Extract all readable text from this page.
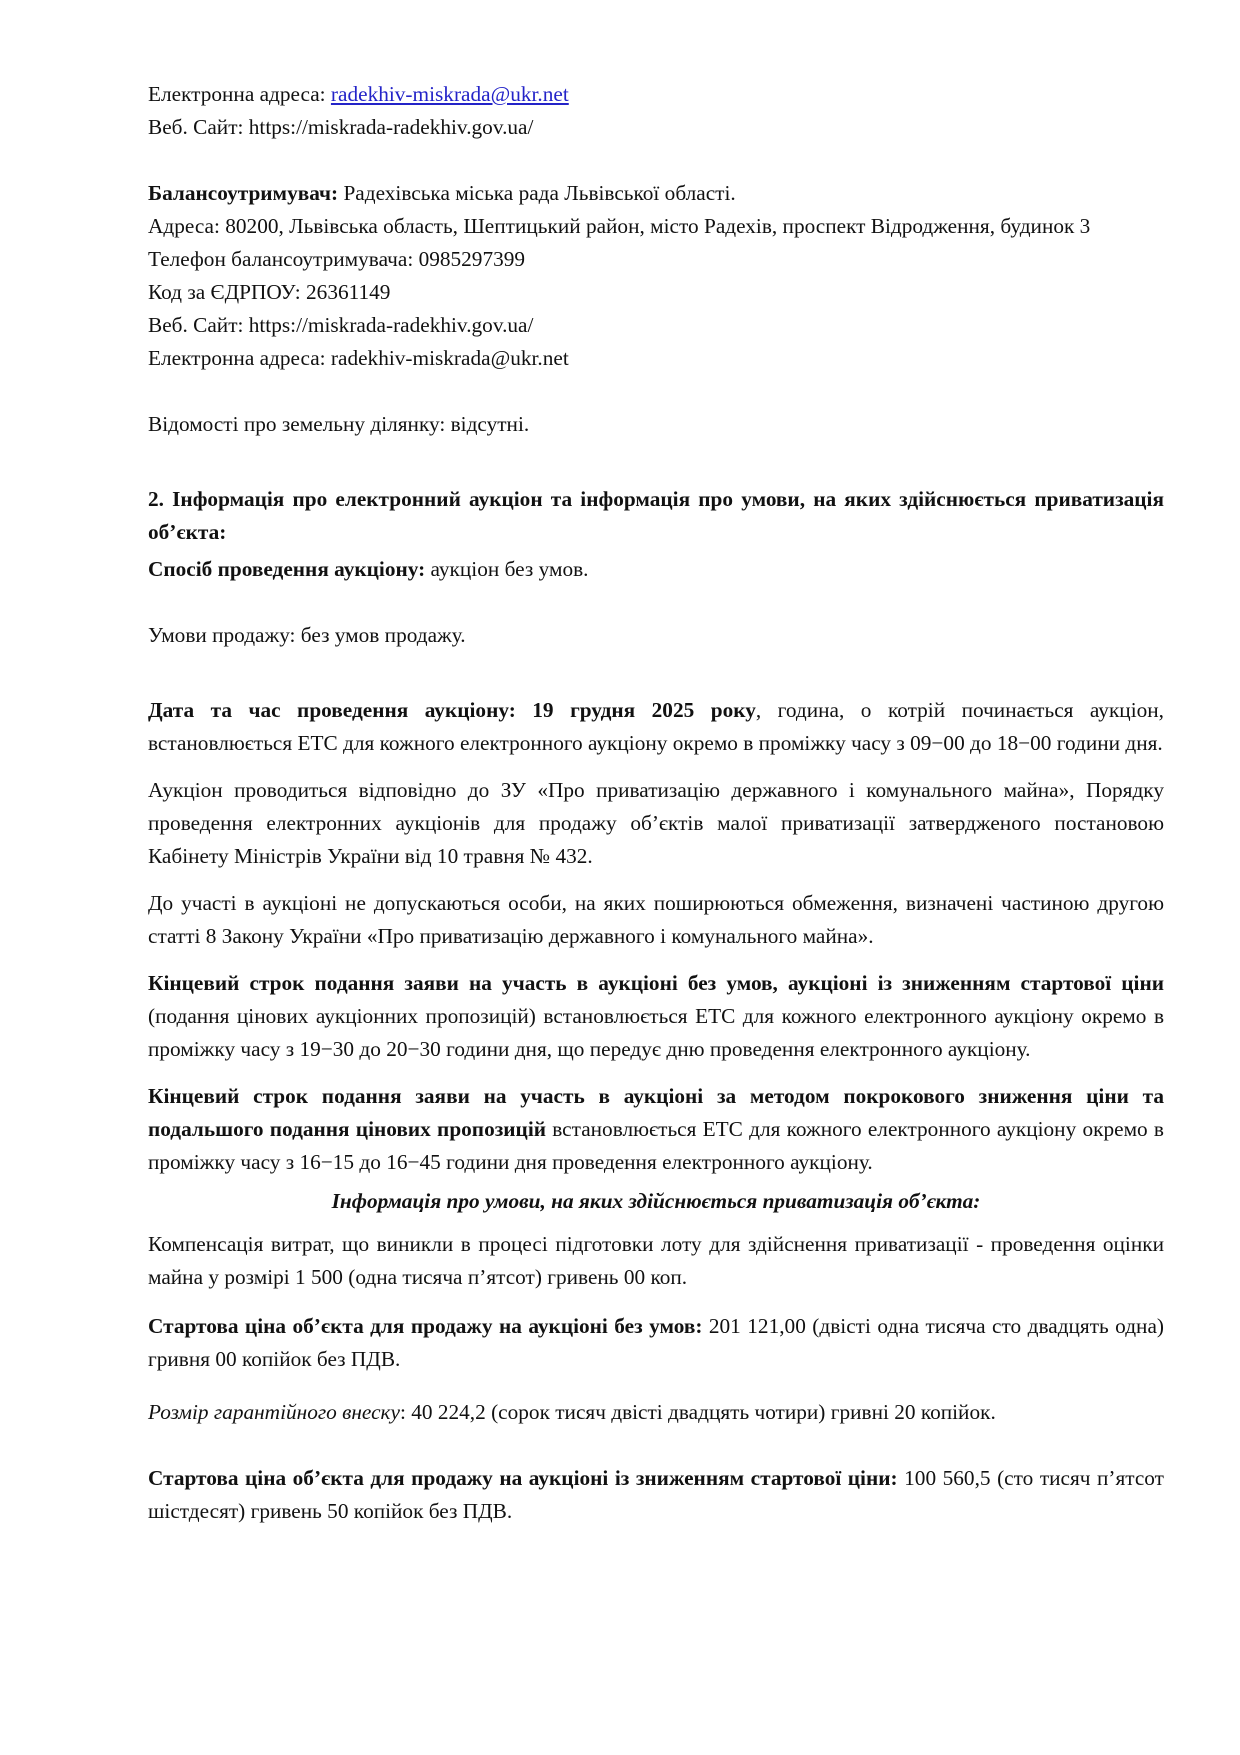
Електронна адреса: radekhiv-miskrada@ukr.net

Веб. Сайт: https://miskrada-radekhiv.gov.ua/

Балансоутримувач: Радехівська міська рада Львівської області.

Адреса: 80200, Львівська область, Шептицький район, місто Радехів, проспект Відродження, будинок 3

Телефон балансоутримувача: 0985297399

Код за ЄДРПОУ: 26361149

Веб. Сайт: https://miskrada-radekhiv.gov.ua/

Електронна адреса: radekhiv-miskrada@ukr.net

Відомості про земельну ділянку: відсутні.

2. Інформація про електронний аукціон та інформація про умови, на яких здійснюється приватизація об’єкта:

Спосіб проведення аукціону: аукціон без умов.

Умови продажу: без умов продажу.

Дата та час проведення аукціону: 19 грудня 2025 року, година, о котрій починається аукціон, встановлюється ЕТС для кожного електронного аукціону окремо в проміжку часу з 09−00 до 18−00 години дня.

Аукціон проводиться відповідно до ЗУ «Про приватизацію державного і комунального майна», Порядку проведення електронних аукціонів для продажу об’єктів малої приватизації затвердженого постановою Кабінету Міністрів України від 10 травня № 432.

До участі в аукціоні не допускаються особи, на яких поширюються обмеження, визначені частиною другою статті 8 Закону України «Про приватизацію державного і комунального майна».

Кінцевий строк подання заяви на участь в аукціоні без умов, аукціоні із зниженням стартової ціни (подання цінових аукціонних пропозицій) встановлюється ЕТС для кожного електронного аукціону окремо в проміжку часу з 19−30 до 20−30 години дня, що передує дню проведення електронного аукціону.

Кінцевий строк подання заяви на участь в аукціоні за методом покрокового зниження ціни та подальшого подання цінових пропозицій встановлюється ЕТС для кожного електронного аукціону окремо в проміжку часу з 16−15 до 16−45 години дня проведення електронного аукціону.

Інформація про умови, на яких здійснюється приватизація об’єкта:

Компенсація витрат, що виникли в процесі підготовки лоту для здійснення приватизації - проведення оцінки майна у розмірі 1 500 (одна тисяча п’ятсот) гривень 00 коп.

Стартова ціна об’єкта для продажу на аукціоні без умов: 201 121,00 (двісті одна тисяча сто двадцять одна) гривня 00 копійок без ПДВ.

Розмір гарантійного внеску: 40 224,2 (сорок тисяч двісті двадцять чотири) гривні 20 копійок.

Стартова ціна об’єкта для продажу на аукціоні із зниженням стартової ціни: 100 560,5 (сто тисяч п’ятсот шістдесят) гривень 50 копійок без ПДВ.
